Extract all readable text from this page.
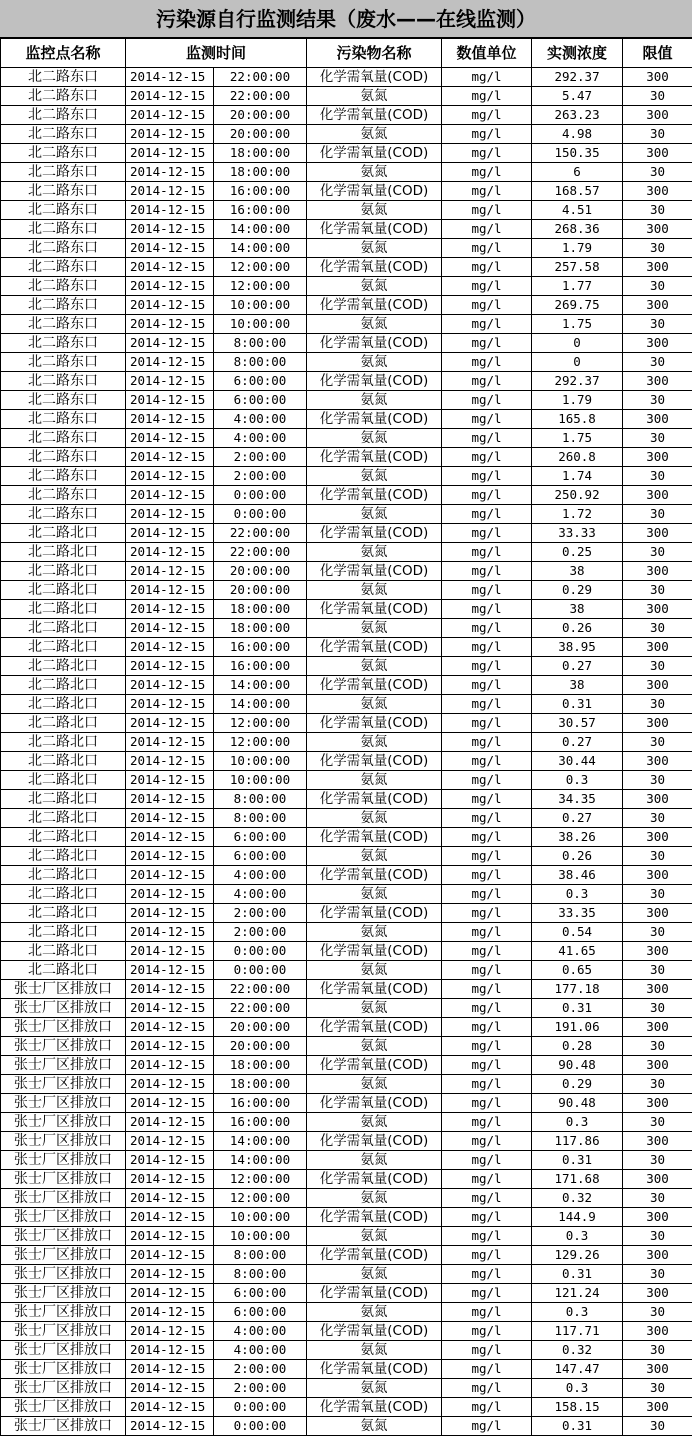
污染源自行监测结果（废水——在线监测）
监控点名称	监测时间		污染物名称	数值单位	实测浓度	限值
北二路东口	2014-12-15	22:00:00	化学需氧量(COD)	mg/l	292.37	300
北二路东口	2014-12-15	22:00:00	氨氮	mg/l	5.47	30
北二路东口	2014-12-15	20:00:00	化学需氧量(COD)	mg/l	263.23	300
北二路东口	2014-12-15	20:00:00	氨氮	mg/l	4.98	30
北二路东口	2014-12-15	18:00:00	化学需氧量(COD)	mg/l	150.35	300
北二路东口	2014-12-15	18:00:00	氨氮	mg/l	6	30
北二路东口	2014-12-15	16:00:00	化学需氧量(COD)	mg/l	168.57	300
北二路东口	2014-12-15	16:00:00	氨氮	mg/l	4.51	30
北二路东口	2014-12-15	14:00:00	化学需氧量(COD)	mg/l	268.36	300
北二路东口	2014-12-15	14:00:00	氨氮	mg/l	1.79	30
北二路东口	2014-12-15	12:00:00	化学需氧量(COD)	mg/l	257.58	300
北二路东口	2014-12-15	12:00:00	氨氮	mg/l	1.77	30
北二路东口	2014-12-15	10:00:00	化学需氧量(COD)	mg/l	269.75	300
北二路东口	2014-12-15	10:00:00	氨氮	mg/l	1.75	30
北二路东口	2014-12-15	8:00:00	化学需氧量(COD)	mg/l	0	300
北二路东口	2014-12-15	8:00:00	氨氮	mg/l	0	30
北二路东口	2014-12-15	6:00:00	化学需氧量(COD)	mg/l	292.37	300
北二路东口	2014-12-15	6:00:00	氨氮	mg/l	1.79	30
北二路东口	2014-12-15	4:00:00	化学需氧量(COD)	mg/l	165.8	300
北二路东口	2014-12-15	4:00:00	氨氮	mg/l	1.75	30
北二路东口	2014-12-15	2:00:00	化学需氧量(COD)	mg/l	260.8	300
北二路东口	2014-12-15	2:00:00	氨氮	mg/l	1.74	30
北二路东口	2014-12-15	0:00:00	化学需氧量(COD)	mg/l	250.92	300
北二路东口	2014-12-15	0:00:00	氨氮	mg/l	1.72	30
北二路北口	2014-12-15	22:00:00	化学需氧量(COD)	mg/l	33.33	300
北二路北口	2014-12-15	22:00:00	氨氮	mg/l	0.25	30
北二路北口	2014-12-15	20:00:00	化学需氧量(COD)	mg/l	38	300
北二路北口	2014-12-15	20:00:00	氨氮	mg/l	0.29	30
北二路北口	2014-12-15	18:00:00	化学需氧量(COD)	mg/l	38	300
北二路北口	2014-12-15	18:00:00	氨氮	mg/l	0.26	30
北二路北口	2014-12-15	16:00:00	化学需氧量(COD)	mg/l	38.95	300
北二路北口	2014-12-15	16:00:00	氨氮	mg/l	0.27	30
北二路北口	2014-12-15	14:00:00	化学需氧量(COD)	mg/l	38	300
北二路北口	2014-12-15	14:00:00	氨氮	mg/l	0.31	30
北二路北口	2014-12-15	12:00:00	化学需氧量(COD)	mg/l	30.57	300
北二路北口	2014-12-15	12:00:00	氨氮	mg/l	0.27	30
北二路北口	2014-12-15	10:00:00	化学需氧量(COD)	mg/l	30.44	300
北二路北口	2014-12-15	10:00:00	氨氮	mg/l	0.3	30
北二路北口	2014-12-15	8:00:00	化学需氧量(COD)	mg/l	34.35	300
北二路北口	2014-12-15	8:00:00	氨氮	mg/l	0.27	30
北二路北口	2014-12-15	6:00:00	化学需氧量(COD)	mg/l	38.26	300
北二路北口	2014-12-15	6:00:00	氨氮	mg/l	0.26	30
北二路北口	2014-12-15	4:00:00	化学需氧量(COD)	mg/l	38.46	300
北二路北口	2014-12-15	4:00:00	氨氮	mg/l	0.3	30
北二路北口	2014-12-15	2:00:00	化学需氧量(COD)	mg/l	33.35	300
北二路北口	2014-12-15	2:00:00	氨氮	mg/l	0.54	30
北二路北口	2014-12-15	0:00:00	化学需氧量(COD)	mg/l	41.65	300
北二路北口	2014-12-15	0:00:00	氨氮	mg/l	0.65	30
张士厂区排放口	2014-12-15	22:00:00	化学需氧量(COD)	mg/l	177.18	300
张士厂区排放口	2014-12-15	22:00:00	氨氮	mg/l	0.31	30
张士厂区排放口	2014-12-15	20:00:00	化学需氧量(COD)	mg/l	191.06	300
张士厂区排放口	2014-12-15	20:00:00	氨氮	mg/l	0.28	30
张士厂区排放口	2014-12-15	18:00:00	化学需氧量(COD)	mg/l	90.48	300
张士厂区排放口	2014-12-15	18:00:00	氨氮	mg/l	0.29	30
张士厂区排放口	2014-12-15	16:00:00	化学需氧量(COD)	mg/l	90.48	300
张士厂区排放口	2014-12-15	16:00:00	氨氮	mg/l	0.3	30
张士厂区排放口	2014-12-15	14:00:00	化学需氧量(COD)	mg/l	117.86	300
张士厂区排放口	2014-12-15	14:00:00	氨氮	mg/l	0.31	30
张士厂区排放口	2014-12-15	12:00:00	化学需氧量(COD)	mg/l	171.68	300
张士厂区排放口	2014-12-15	12:00:00	氨氮	mg/l	0.32	30
张士厂区排放口	2014-12-15	10:00:00	化学需氧量(COD)	mg/l	144.9	300
张士厂区排放口	2014-12-15	10:00:00	氨氮	mg/l	0.3	30
张士厂区排放口	2014-12-15	8:00:00	化学需氧量(COD)	mg/l	129.26	300
张士厂区排放口	2014-12-15	8:00:00	氨氮	mg/l	0.31	30
张士厂区排放口	2014-12-15	6:00:00	化学需氧量(COD)	mg/l	121.24	300
张士厂区排放口	2014-12-15	6:00:00	氨氮	mg/l	0.3	30
张士厂区排放口	2014-12-15	4:00:00	化学需氧量(COD)	mg/l	117.71	300
张士厂区排放口	2014-12-15	4:00:00	氨氮	mg/l	0.32	30
张士厂区排放口	2014-12-15	2:00:00	化学需氧量(COD)	mg/l	147.47	300
张士厂区排放口	2014-12-15	2:00:00	氨氮	mg/l	0.3	30
张士厂区排放口	2014-12-15	0:00:00	化学需氧量(COD)	mg/l	158.15	300
张士厂区排放口	2014-12-15	0:00:00	氨氮	mg/l	0.31	30
